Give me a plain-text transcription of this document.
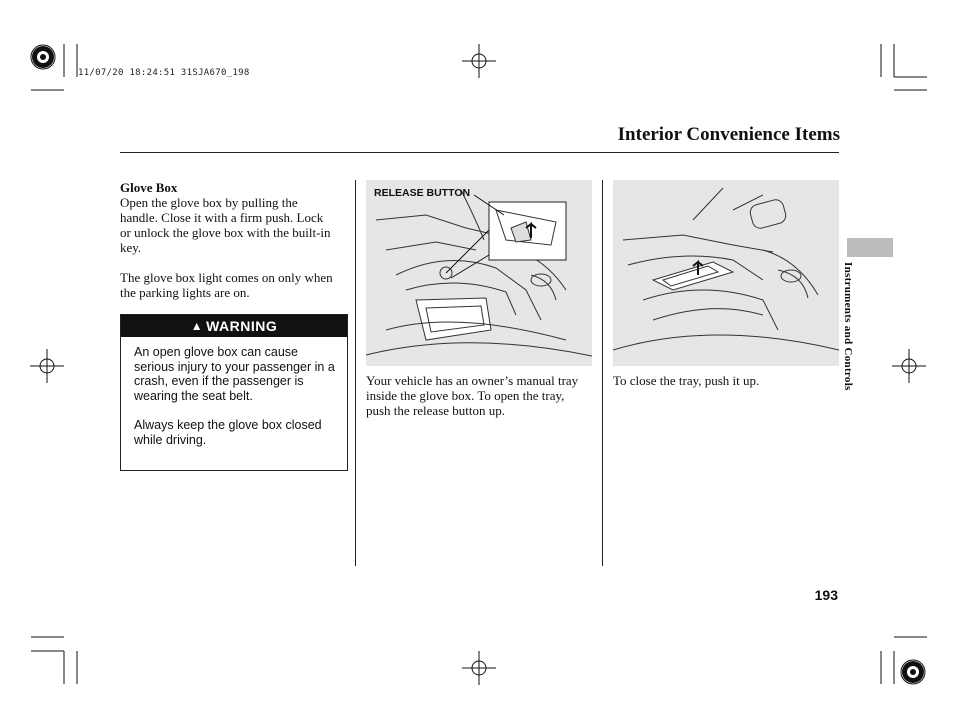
11/07/20 18:24:51 31SJA670_198
Interior Convenience Items
Glove Box

Open the glove box by pulling the handle. Close it with a firm push. Lock or unlock the glove box with the built-in key.

The glove box light comes on only when the parking lights are on.

▲ WARNING

An open glove box can cause serious injury to your passenger in a crash, even if the passenger is wearing the seat belt.

Always keep the glove box closed while driving.

RELEASE BUTTON
Your vehicle has an owner’s manual tray inside the glove box. To open the tray, push the release button up.
To close the tray, push it up.	Instruments and Controls
193
